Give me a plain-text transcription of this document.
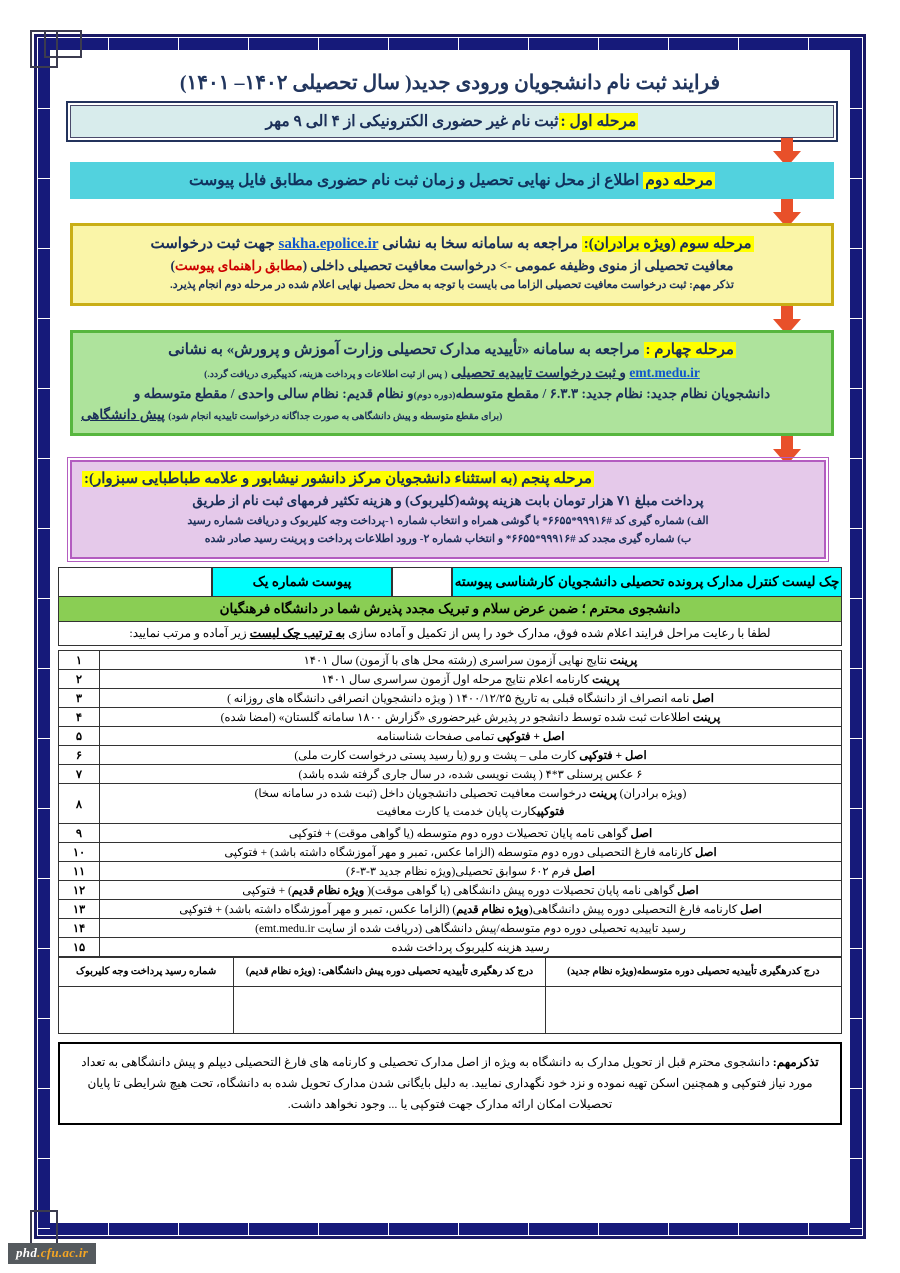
فرایند ثبت نام دانشجویان ورودی جدید( سال تحصیلی ۱۴۰۲– ۱۴۰۱)
مرحله اول :ثبت نام غیر حضوری الکترونیکی از ۴ الی ۹ مهر
مرحله دوم اطلاع از محل نهایی تحصیل و زمان ثبت نام حضوری مطابق فایل پیوست
مرحله سوم (ویژه برادران): مراجعه به سامانه سخا به نشانی sakha.epolice.ir جهت ثبت درخواست
معافیت تحصیلی از منوی وظیفه عمومی -> درخواست معافیت تحصیلی داخلی (مطابق راهنمای پیوست)
تذکر مهم: ثبت درخواست معافیت تحصیلی الزاما می بایست با توجه به محل تحصیل نهایی اعلام شده در مرحله دوم انجام پذیرد.
مرحله چهارم : مراجعه به سامانه «تأییدیه مدارک تحصیلی وزارت آموزش و پرورش» به نشانی
emt.medu.ir و ثبت درخواست تاییدیه تحصیلی ( پس از ثبت اطلاعات و پرداخت هزینه، کدپیگیری دریافت گردد.)
دانشجویان نظام جدید: نظام جدید: ۶.۳.۳ / مقطع متوسطه(دوره دوم)و نظام قدیم: نظام سالی واحدی / مقطع متوسطه و
(برای مقطع متوسطه و پیش دانشگاهی به صورت جداگانه درخواست تاییدیه انجام شود) پیش دانشگاهی
مرحله پنجم (به استثناء دانشجویان مرکز دانشور نیشابور و علامه طباطبایی سبزوار):
پرداخت مبلغ ۷۱ هزار تومان بابت هزینه پوشه(کلیربوک) و هزینه تکثیر فرمهای ثبت نام از طریق
الف) شماره گیری کد #۹۹۹۱۶*۶۶۵۵* با گوشی همراه و انتخاب شماره ۱-پرداخت وجه کلیربوک و دریافت شماره رسید
ب) شماره گیری مجدد کد #۹۹۹۱۶*۶۶۵۵* و انتخاب شماره ۲- ورود اطلاعات پرداخت و پرینت رسید صادر شده
چک لیست کنترل مدارک پرونده تحصیلی دانشجویان کارشناسی پیوسته
پیوست شماره یک
دانشجوی محترم ؛ ضمن عرض سلام و تبریک مجدد پذیرش شما در دانشگاه فرهنگیان
لطفا با رعایت مراحل فرایند اعلام شده فوق، مدارک خود را پس از تکمیل و آماده سازی به ترتیب چک لیست زیر آماده و مرتب نمایید:
پرینت نتایج نهایی آزمون سراسری (رشته محل های با آزمون) سال ۱۴۰۱	۱
پرینت کارنامه اعلام نتایج مرحله اول آزمون سراسری سال ۱۴۰۱	۲
اصل نامه انصراف از دانشگاه قبلی به تاریخ ۱۴۰۰/۱۲/۲۵ ( ویژه دانشجویان انصرافی دانشگاه های روزانه )	۳
پرینت اطلاعات ثبت شده توسط دانشجو در پذیرش غیرحضوری «گزارش ۱۸۰۰ سامانه گلستان» (امضا شده)	۴
اصل + فتوکپی تمامی صفحات شناسنامه	۵
اصل + فتوکپی کارت ملی – پشت و رو (یا رسید پستی درخواست کارت ملی)	۶
۶ عکس پرسنلی ۳*۴ ( پشت نویسی شده، در سال جاری گرفته شده باشد)	۷

(ویژه برادران) پرینت درخواست معافیت تحصیلی دانشجویان داخل (ثبت شده در سامانه سخا)
فتوکپیکارت پایان خدمت یا کارت معافیت	۸
اصل گواهی نامه پایان تحصیلات دوره دوم متوسطه (یا گواهی موقت) + فتوکپی	۹
اصل کارنامه فارغ التحصیلی دوره دوم متوسطه (الزاما عکس، تمبر و مهر آموزشگاه داشته باشد) + فتوکپی	۱۰
اصل فرم ۶۰۲ سوابق تحصیلی(ویژه نظام جدید ۳-۳-۶)	۱۱
اصل گواهی نامه پایان تحصیلات دوره پیش دانشگاهی (یا گواهی موقت)( ویژه نظام قدیم) + فتوکپی	۱۲
اصل کارنامه فارغ التحصیلی دوره پیش دانشگاهی(ویژه نظام قدیم) (الزاما عکس، تمبر و مهر آموزشگاه داشته باشد) + فتوکپی	۱۳
رسید تاییدیه تحصیلی دوره دوم متوسطه/پیش دانشگاهی (دریافت شده از سایت emt.medu.ir)	۱۴
رسید هزینه کلیربوک پرداخت شده	۱۵
درج کدرهگیری تأییدیه تحصیلی دوره متوسطه(ویژه نظام جدید)	درج کد رهگیری تأییدیه تحصیلی دوره پیش دانشگاهی: (ویژه نظام قدیم)	شماره رسید پرداخت وجه کلیربوک

تذکرمهم: دانشجوی محترم قبل از تحویل مدارک به دانشگاه به ویژه از اصل مدارک تحصیلی و کارنامه های فارغ التحصیلی دیپلم و پیش دانشگاهی به تعداد مورد نیاز فتوکپی و همچنین اسکن تهیه نموده و نزد خود نگهداری نمایید. به دلیل بایگانی شدن مدارک تحویل شده به دانشگاه، تحت هیچ شرایطی تا پایان تحصیلات امکان ارائه مدارک جهت فتوکپی یا ... وجود نخواهد داشت.
phd.cfu.ac.ir
